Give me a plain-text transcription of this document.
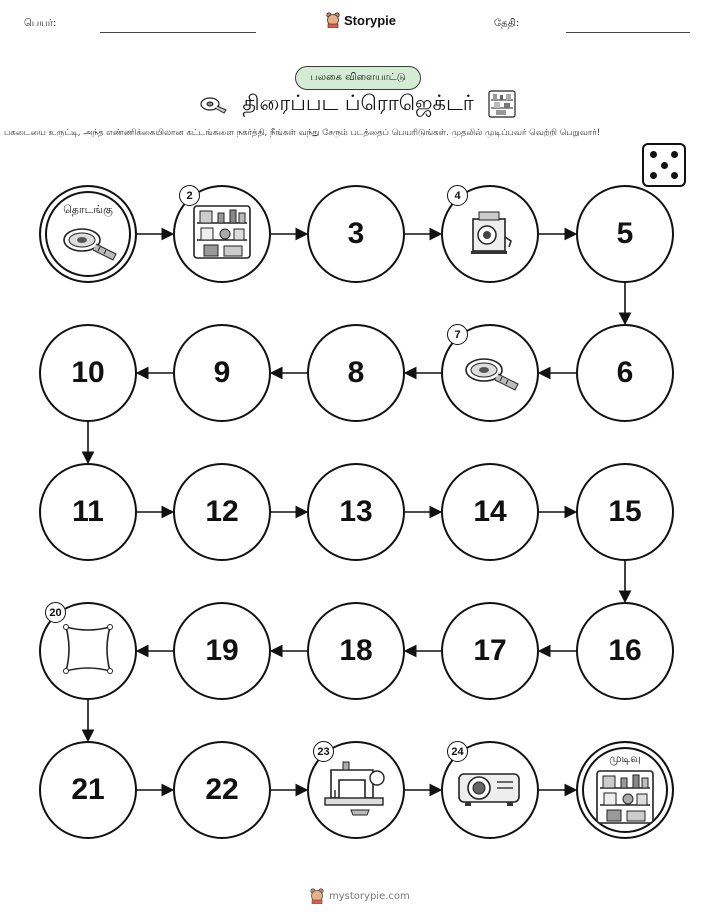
பெயர்:	Storypie	தேதி:
பலகை விளையாட்டு
திரைப்பட ப்ரொஜெக்டர்
பகடையை உருட்டி, அந்த எண்ணிக்கையிலான கட்டங்களை நகர்த்தி, நீங்கள் வந்து சேரும் படத்தைப் பெயரிடுங்கள். முதலில் முடிப்பவர் வெற்றி பெறுவார்!
தொடங்கு
2
3
4
5
6
7
8
9
10
11	12	13	14	15
16
17
18
19
20
21	22
23	24	முடிவு
mystorypie.com
